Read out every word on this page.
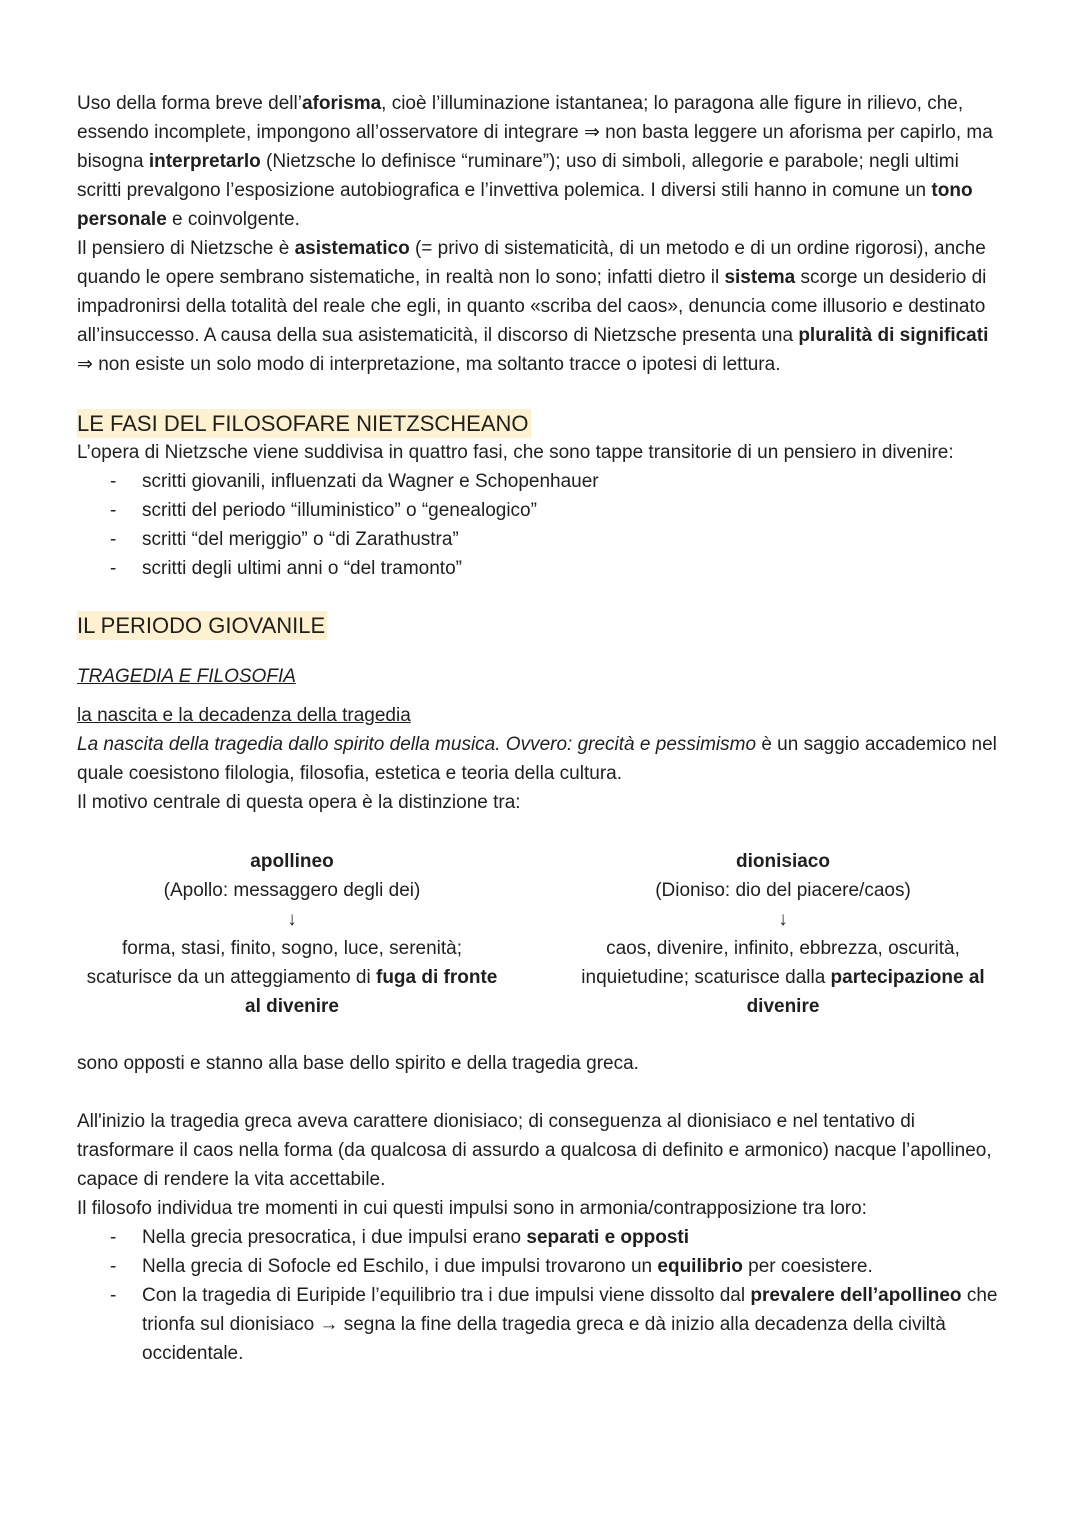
Uso della forma breve dell’aforisma, cioè l’illuminazione istantanea; lo paragona alle figure in rilievo, che, essendo incomplete, impongono all’osservatore di integrare ⇒ non basta leggere un aforisma per capirlo, ma bisogna interpretarlo (Nietzsche lo definisce “ruminare”); uso di simboli, allegorie e parabole; negli ultimi scritti prevalgono l’esposizione autobiografica e l’invettiva polemica. I diversi stili hanno in comune un tono personale e coinvolgente.

Il pensiero di Nietzsche è asistematico (= privo di sistematicità, di un metodo e di un ordine rigorosi), anche quando le opere sembrano sistematiche, in realtà non lo sono; infatti dietro il sistema scorge un desiderio di impadronirsi della totalità del reale che egli, in quanto «scriba del caos», denuncia come illusorio e destinato all’insuccesso. A causa della sua asistematicità, il discorso di Nietzsche presenta una pluralità di significati ⇒ non esiste un solo modo di interpretazione, ma soltanto tracce o ipotesi di lettura.

LE FASI DEL FILOSOFARE NIETZSCHEANO

L’opera di Nietzsche viene suddivisa in quattro fasi, che sono tappe transitorie di un pensiero in divenire:

- scritti giovanili, influenzati da Wagner e Schopenhauer
- scritti del periodo “illuministico” o “genealogico”
- scritti “del meriggio” o “di Zarathustra”
- scritti degli ultimi anni o “del tramonto”
IL PERIODO GIOVANILE
TRAGEDIA E FILOSOFIA
la nascita e la decadenza della tragedia

La nascita della tragedia dallo spirito della musica. Ovvero: grecità e pessimismo è un saggio accademico nel quale coesistono filologia, filosofia, estetica e teoria della cultura.

Il motivo centrale di questa opera è la distinzione tra:

apollineo
(Apollo: messaggero degli dei)
↓
forma, stasi, finito, sogno, luce, serenità; scaturisce da un atteggiamento di fuga di fronte al divenire
dionisiaco
(Dioniso: dio del piacere/caos)
↓
caos, divenire, infinito, ebbrezza, oscurità, inquietudine; scaturisce dalla partecipazione al divenire

sono opposti e stanno alla base dello spirito e della tragedia greca.

All'inizio la tragedia greca aveva carattere dionisiaco; di conseguenza al dionisiaco e nel tentativo di trasformare il caos nella forma (da qualcosa di assurdo a qualcosa di definito e armonico) nacque l’apollineo, capace di rendere la vita accettabile.

Il filosofo individua tre momenti in cui questi impulsi sono in armonia/contrapposizione tra loro:

- Nella grecia presocratica, i due impulsi erano separati e opposti
- Nella grecia di Sofocle ed Eschilo, i due impulsi trovarono un equilibrio per coesistere.
- Con la tragedia di Euripide l’equilibrio tra i due impulsi viene dissolto dal prevalere dell’apollineo che trionfa sul dionisiaco → segna la fine della tragedia greca e dà inizio alla decadenza della civiltà occidentale.
